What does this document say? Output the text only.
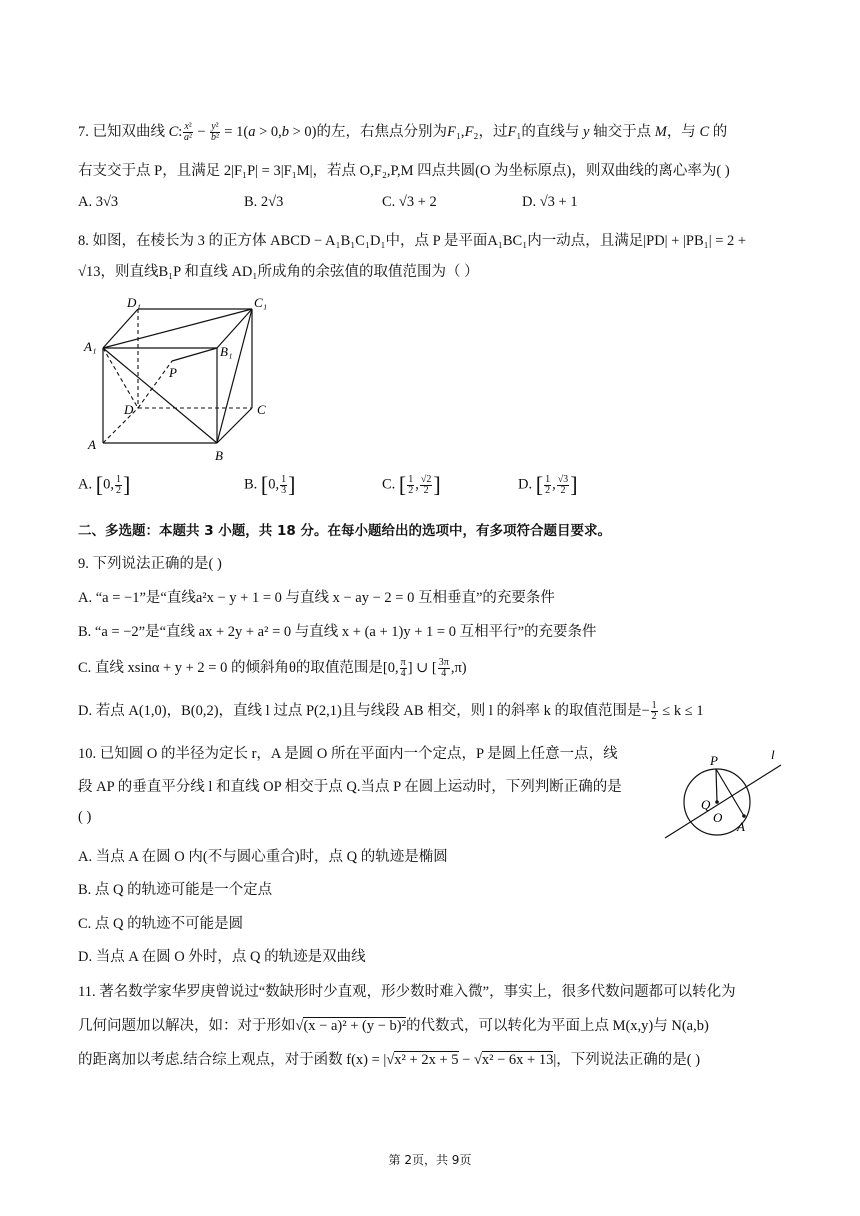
7. 已知双曲线 C: $\frac{\text{x²}}{\text{a²}} - \frac{\text{y²}}{\text{b²}} = 1(a > 0,b > 0)$的左，右焦点分别为F₁,F₂，过F₁的直线与 y 轴交于点 M，与 C 的
右支交于点 P，且满足 2|F₁P| = 3|F₁M|，若点 O,F₂,P,M 四点共圆(O 为坐标原点)，则双曲线的离心率为( )
A. 3√3	B. 2√3	C. √3 + 2	D. √3 + 1
8. 如图，在棱长为 3 的正方体 ABCD − A₁B₁C₁D₁中，点 P 是平面A₁BC₁内一动点，且满足|PD| + |PB₁| = 2 +
√13，则直线B₁P 和直线 AD₁所成角的余弦值的取值范围为（ ）
D₁	C₁
A₁	B₁
P
D	C
A
B
A. [0, $\frac{1}{2}$ ]	B. [0, $\frac{1}{3}$ ]	C. [ $\frac{1}{2}$ , $\frac{√2}{2}$ ]	D. [ $\frac{1}{2}$ , $\frac{√3}{2}$ ]
二、多选题：本题共 3 小题，共 18 分。在每小题给出的选项中，有多项符合题目要求。
9. 下列说法正确的是( )
A. “a = −1”是“直线a²x − y + 1 = 0 与直线 x − ay − 2 = 0 互相垂直”的充要条件
B. “a = −2”是“直线 ax + 2y + a² = 0 与直线 x + (a + 1)y + 1 = 0 互相平行”的充要条件
C. 直线 xsinα + y + 2 = 0 的倾斜角θ的取值范围是[0, $\frac{\pi}{4}$ ] ∪ [ $\frac{3\pi}{4} ,\pi$)
D. 若点 A(1,0)，B(0,2)，直线 l 过点 P(2,1)且与线段 AB 相交，则 l 的斜率 k 的取值范围是− $\frac{1}{2} \le k \le 1$
10. 已知圆 O 的半径为定长 r，A 是圆 O 所在平面内一个定点，P 是圆上任意一点，线
段 AP 的垂直平分线 l 和直线 OP 相交于点 Q.当点 P 在圆上运动时，下列判断正确的是
( )
P	l
Q
O
A
A. 当点 A 在圆 O 内(不与圆心重合)时，点 Q 的轨迹是椭圆
B. 点 Q 的轨迹可能是一个定点
C. 点 Q 的轨迹不可能是圆
D. 当点 A 在圆 O 外时，点 Q 的轨迹是双曲线
11. 著名数学家华罗庚曾说过“数缺形时少直观，形少数时难入微”，事实上，很多代数问题都可以转化为
几何问题加以解决，如：对于形如√(x − a)² + (y − b)²的代数式，可以转化为平面上点 M(x,y)与 N(a,b)
的距离加以考虑.结合综上观点，对于函数 f(x) = |√x² + 2x + 5 − √x² − 6x + 13|，下列说法正确的是( )
第 2页，共 9页
